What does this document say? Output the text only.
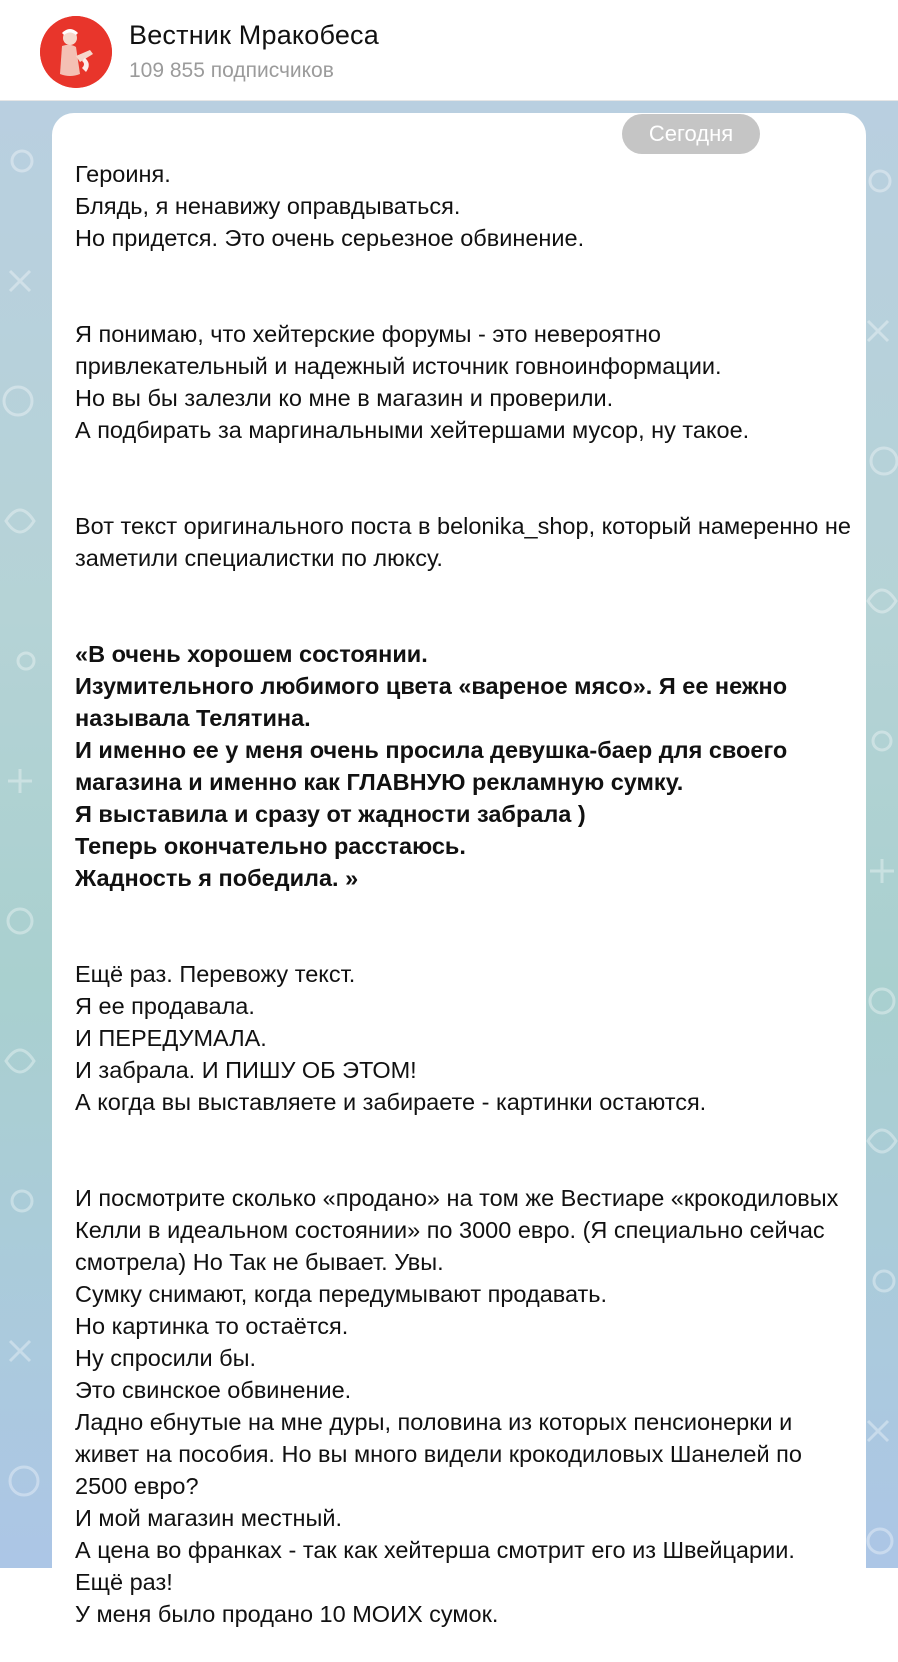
Вестник Мракобеса
109 855 подписчиков
Сегодня

Героиня.
Блядь, я ненавижу оправдываться.
Но придется. Это очень серьезное обвинение.

Я понимаю, что хейтерские форумы - это невероятно привлекательный и надежный источник говноинформации.
Но вы бы залезли ко мне в магазин и проверили.
А подбирать за маргинальными хейтершами мусор, ну такое.

Вот текст оригинального поста в belonika_shop, который намеренно не заметили специалистки по люксу.

«В очень хорошем состоянии.
Изумительного любимого цвета «вареное мясо». Я ее нежно называла Телятина.
И именно ее у меня очень просила девушка-баер для своего магазина и именно как ГЛАВНУЮ рекламную сумку.
Я выставила и сразу от жадности забрала )
Теперь окончательно расстаюсь.
Жадность я победила. »

Ещё раз. Перевожу текст.
Я ее продавала.
И ПЕРЕДУМАЛА.
И забрала. И ПИШУ ОБ ЭТОМ!
А когда вы выставляете и забираете - картинки остаются.

И посмотрите сколько «продано» на том же Вестиаре «крокодиловых Келли в идеальном состоянии» по 3000 евро. (Я специально сейчас смотрела) Но Так не бывает. Увы.
Сумку снимают, когда передумывают продавать.
Но картинка то остаётся.
Ну спросили бы.
Это свинское обвинение.
Ладно ебнутые на мне дуры, половина из которых пенсионерки и живет на пособия. Но вы много видели крокодиловых Шанелей по 2500 евро?
И мой магазин местный.
А цена во франках - так как хейтерша смотрит его из Швейцарии.
Ещё раз!
У меня было продано 10 МОИХ сумок.
